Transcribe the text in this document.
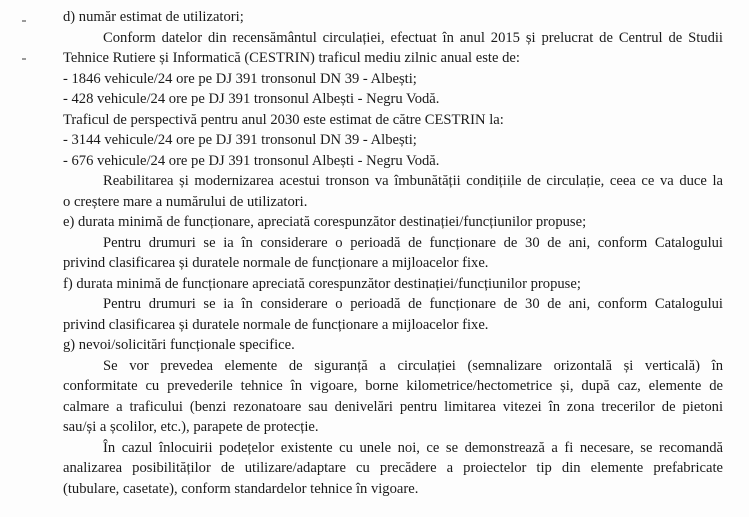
d) număr estimat de utilizatori;
Conform datelor din recensământul circulației, efectuat în anul 2015 și prelucrat de Centrul de Studii
Tehnice Rutiere și Informatică (CESTRIN) traficul mediu zilnic anual este de:
- 1846 vehicule/24 ore pe DJ 391 tronsonul DN 39 - Albești;
- 428 vehicule/24 ore pe DJ 391 tronsonul Albești - Negru Vodă.
Traficul de perspectivă pentru anul 2030 este estimat de către CESTRIN la:
- 3144 vehicule/24 ore pe DJ 391 tronsonul DN 39 - Albești;
- 676 vehicule/24 ore pe DJ 391 tronsonul Albești - Negru Vodă.
Reabilitarea și modernizarea acestui tronson va îmbunătății condițiile de circulație, ceea ce va duce la
o creștere mare a numărului de utilizatori.
e) durata minimă de funcționare, apreciată corespunzător destinației/funcțiunilor propuse;
Pentru drumuri se ia în considerare o perioadă de funcționare de 30 de ani, conform Catalogului
privind clasificarea și duratele normale de funcționare a mijloacelor fixe.
f) durata minimă de funcționare apreciată corespunzător destinației/funcțiunilor propuse;
Pentru drumuri se ia în considerare o perioadă de funcționare de 30 de ani, conform Catalogului
privind clasificarea și duratele normale de funcționare a mijloacelor fixe.
g) nevoi/solicitări funcționale specifice.
Se vor prevedea elemente de siguranță a circulației (semnalizare orizontală și verticală) în
conformitate cu prevederile tehnice în vigoare, borne kilometrice/hectometrice și, după caz, elemente de
calmare a traficului (benzi rezonatoare sau denivelări pentru limitarea vitezei în zona trecerilor de pietoni
sau/și a școlilor, etc.), parapete de protecție.
În cazul înlocuirii podețelor existente cu unele noi, ce se demonstrează a fi necesare, se recomandă
analizarea posibilităților de utilizare/adaptare cu precădere a proiectelor tip din elemente prefabricate
(tubulare, casetate), conform standardelor tehnice în vigoare.
